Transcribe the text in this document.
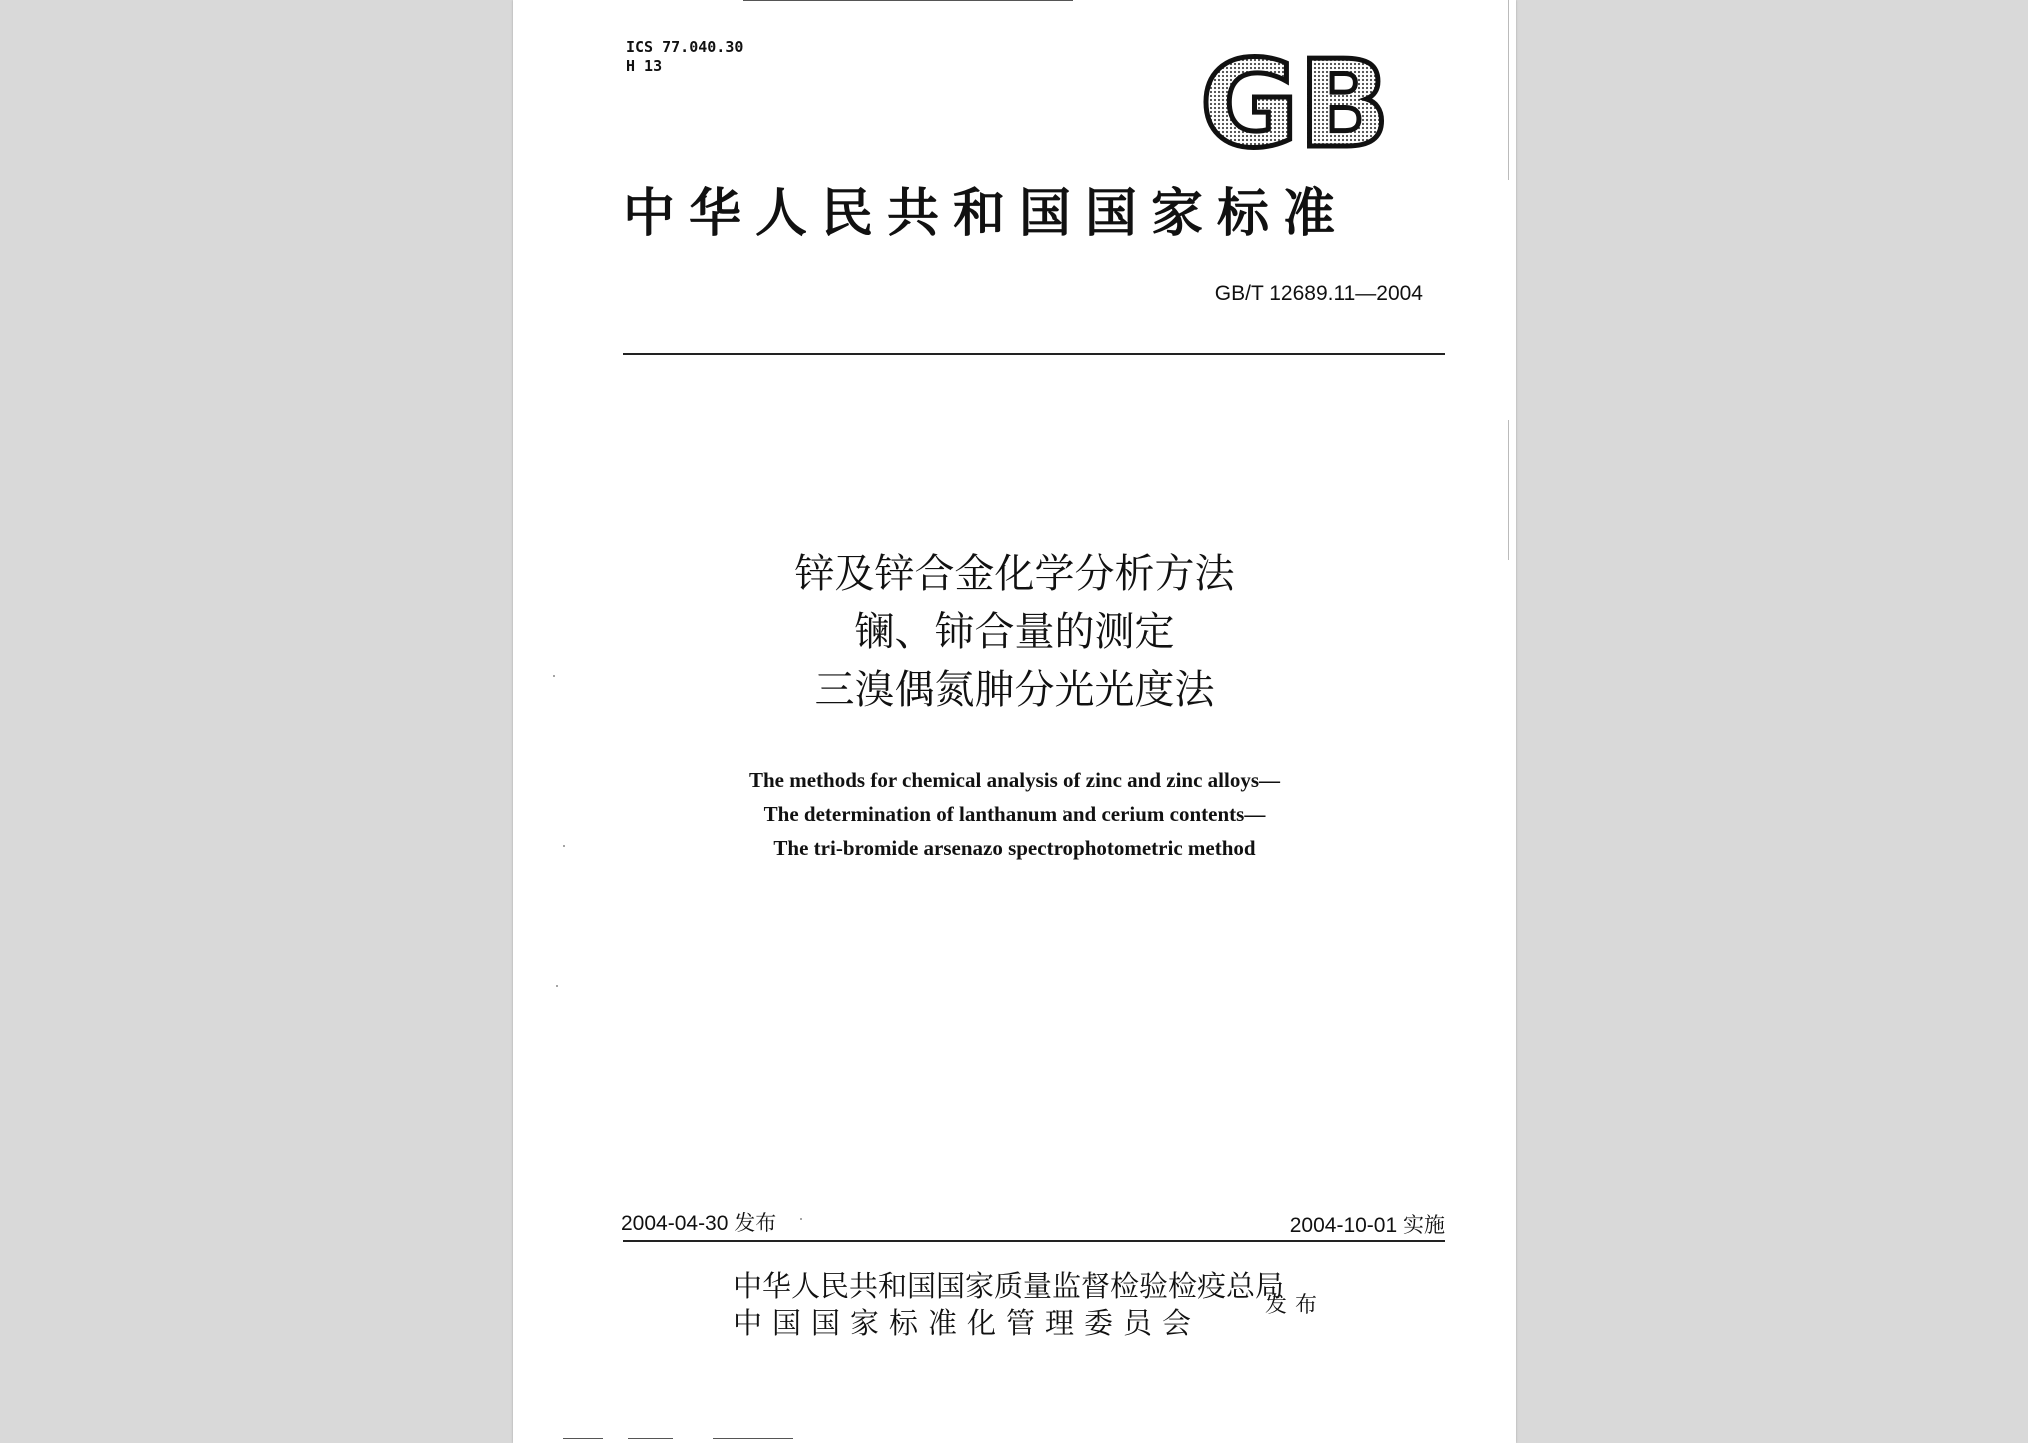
ICS 77.040.30
H 13	GB
中华人民共和国国家标准
GB/T 12689.11—2004
锌及锌合金化学分析方法
镧、铈合量的测定
三溴偶氮胂分光光度法
The methods for chemical analysis of zinc and zinc alloys—
The determination of lanthanum and cerium contents—
The tri-bromide arsenazo spectrophotometric method
2004-04-30 发布	2004-10-01 实施
中华人民共和国国家质量监督检验检疫总局
中国国家标准化管理委员会
发布
